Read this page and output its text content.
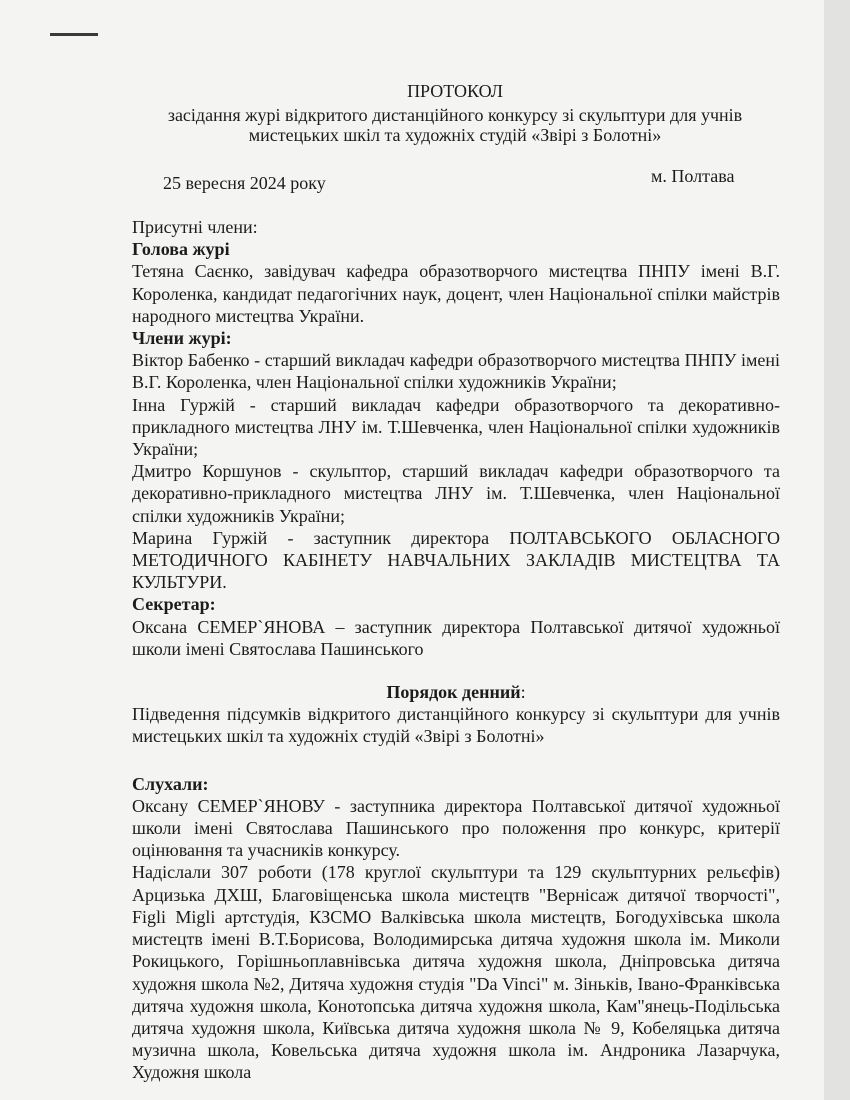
ПРОТОКОЛ
засідання журі відкритого дистанційного конкурсу зі скульптури для учнів
мистецьких шкіл та художніх студій «Звірі з Болотні»
25 вересня 2024 року	м. Полтава

Присутні члени:

Голова журі

Тетяна Саєнко, завідувач кафедра образотворчого мистецтва ПНПУ імені В.Г. Короленка, кандидат педагогічних наук, доцент, член Національної спілки майстрів народного мистецтва України.

Члени журі:

Віктор Бабенко - старший викладач кафедри образотворчого мистецтва ПНПУ імені В.Г. Короленка, член Національної спілки художників України;

Інна Гуржій - старший викладач кафедри образотворчого та декоративно-прикладного мистецтва ЛНУ ім. Т.Шевченка, член Національної спілки художників України;

Дмитро Коршунов - скульптор, старший викладач кафедри образотворчого та декоративно-прикладного мистецтва ЛНУ ім. Т.Шевченка, член Національної спілки художників України;

Марина Гуржій - заступник директора ПОЛТАВСЬКОГО ОБЛАСНОГО МЕТОДИЧНОГО КАБІНЕТУ НАВЧАЛЬНИХ ЗАКЛАДІВ МИСТЕЦТВА ТА КУЛЬТУРИ.

Секретар:

Оксана СЕМЕР`ЯНОВА – заступник директора Полтавської дитячої художньої школи імені Святослава Пашинського

Порядок денний:

Підведення підсумків відкритого дистанційного конкурсу зі скульптури для учнів мистецьких шкіл та художніх студій «Звірі з Болотні»

Слухали:

Оксану СЕМЕР`ЯНОВУ - заступника директора Полтавської дитячої художньої школи імені Святослава Пашинського про положення про конкурс, критерії оцінювання та учасників конкурсу.

Надіслали 307 роботи (178 круглої скульптури та 129 скульптурних рельєфів) Арцизька ДХШ, Благовіщенська школа мистецтв "Вернісаж дитячої творчості", Figli Migli артстудія, КЗСМО Валківська школа мистецтв, Богодухівська школа мистецтв імені В.Т.Борисова, Володимирська дитяча художня школа ім. Миколи Рокицького, Горішньоплавнівська дитяча художня школа, Дніпровська дитяча художня школа №2, Дитяча художня студія "Da Vinci" м. Зіньків, Івано-Франківська дитяча художня школа, Конотопська дитяча художня школа, Кам"янець-Подільська дитяча художня школа, Київська дитяча художня школа № 9, Кобеляцька дитяча музична школа, Ковельська дитяча художня школа ім. Андроника Лазарчука, Художня школа
